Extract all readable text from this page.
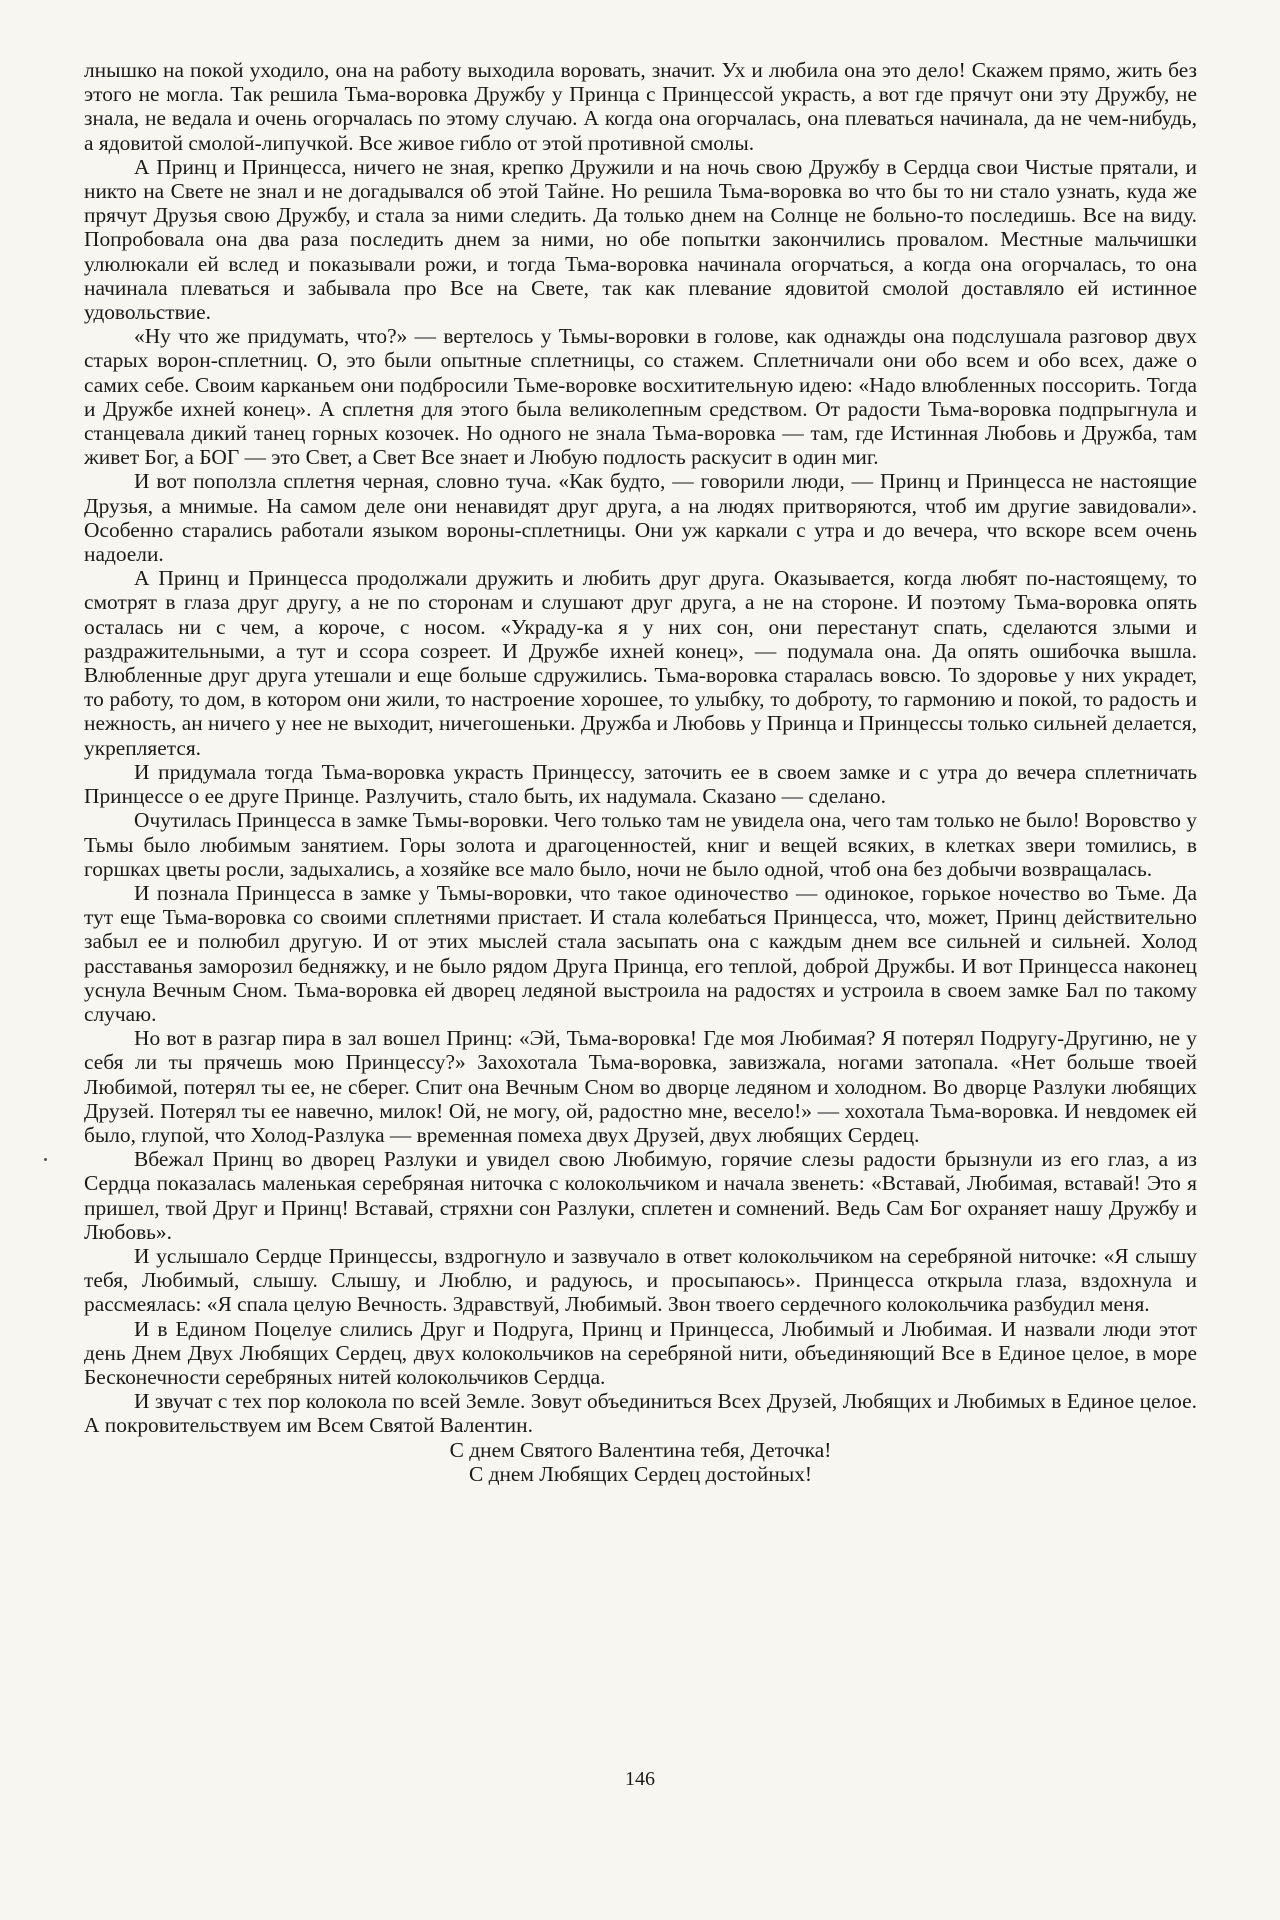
лнышко на покой уходило, она на работу выходила воровать, значит. Ух и любила она это дело! Скажем прямо, жить без этого не могла. Так решила Тьма-воровка Дружбу у Принца с Принцессой украсть, а вот где прячут они эту Дружбу, не знала, не ведала и очень огорчалась по этому случаю. А когда она огорчалась, она плеваться начинала, да не чем-нибудь, а ядовитой смолой-липучкой. Все живое гибло от этой противной смолы.

А Принц и Принцесса, ничего не зная, крепко Дружили и на ночь свою Дружбу в Сердца свои Чистые прятали, и никто на Свете не знал и не догадывался об этой Тайне. Но решила Тьма-воровка во что бы то ни стало узнать, куда же прячут Друзья свою Дружбу, и стала за ними следить. Да только днем на Солнце не больно-то последишь. Все на виду. Попробовала она два раза последить днем за ними, но обе попытки закончились провалом. Местные мальчишки улюлюкали ей вслед и показывали рожи, и тогда Тьма-воровка начинала огорчаться, а когда она огорчалась, то она начинала плеваться и забывала про Все на Свете, так как плевание ядовитой смолой доставляло ей истинное удовольствие.

«Ну что же придумать, что?» — вертелось у Тьмы-воровки в голове, как однажды она подслушала разговор двух старых ворон-сплетниц. О, это были опытные сплетницы, со стажем. Сплетничали они обо всем и обо всех, даже о самих себе. Своим карканьем они подбросили Тьме-воровке восхитительную идею: «Надо влюбленных поссорить. Тогда и Дружбе ихней конец». А сплетня для этого была великолепным средством. От радости Тьма-воровка подпрыгнула и станцевала дикий танец горных козочек. Но одного не знала Тьма-воровка — там, где Истинная Любовь и Дружба, там живет Бог, а БОГ — это Свет, а Свет Все знает и Любую подлость раскусит в один миг.

И вот поползла сплетня черная, словно туча. «Как будто, — говорили люди, — Принц и Принцесса не настоящие Друзья, а мнимые. На самом деле они ненавидят друг друга, а на людях притворяются, чтоб им другие завидовали». Особенно старались работали языком вороны-сплетницы. Они уж каркали с утра и до вечера, что вскоре всем очень надоели.

А Принц и Принцесса продолжали дружить и любить друг друга. Оказывается, когда любят по-настоящему, то смотрят в глаза друг другу, а не по сторонам и слушают друг друга, а не на стороне. И поэтому Тьма-воровка опять осталась ни с чем, а короче, с носом. «Украду-ка я у них сон, они перестанут спать, сделаются злыми и раздражительными, а тут и ссора созреет. И Дружбе ихней конец», — подумала она. Да опять ошибочка вышла. Влюбленные друг друга утешали и еще больше сдружились. Тьма-воровка старалась вовсю. То здоровье у них украдет, то работу, то дом, в котором они жили, то настроение хорошее, то улыбку, то доброту, то гармонию и покой, то радость и нежность, ан ничего у нее не выходит, ничегошеньки. Дружба и Любовь у Принца и Принцессы только сильней делается, укрепляется.

И придумала тогда Тьма-воровка украсть Принцессу, заточить ее в своем замке и с утра до вечера сплетничать Принцессе о ее друге Принце. Разлучить, стало быть, их надумала. Сказано — сделано.

Очутилась Принцесса в замке Тьмы-воровки. Чего только там не увидела она, чего там только не было! Воровство у Тьмы было любимым занятием. Горы золота и драгоценностей, книг и вещей всяких, в клетках звери томились, в горшках цветы росли, задыхались, а хозяйке все мало было, ночи не было одной, чтоб она без добычи возвращалась.

И познала Принцесса в замке у Тьмы-воровки, что такое одиночество — одинокое, горькое ночество во Тьме. Да тут еще Тьма-воровка со своими сплетнями пристает. И стала колебаться Принцесса, что, может, Принц действительно забыл ее и полюбил другую. И от этих мыслей стала засыпать она с каждым днем все сильней и сильней. Холод расставанья заморозил бедняжку, и не было рядом Друга Принца, его теплой, доброй Дружбы. И вот Принцесса наконец уснула Вечным Сном. Тьма-воровка ей дворец ледяной выстроила на радостях и устроила в своем замке Бал по такому случаю.

Но вот в разгар пира в зал вошел Принц: «Эй, Тьма-воровка! Где моя Любимая? Я потерял Подругу-Другиню, не у себя ли ты прячешь мою Принцессу?» Захохотала Тьма-воровка, завизжала, ногами затопала. «Нет больше твоей Любимой, потерял ты ее, не сберег. Спит она Вечным Сном во дворце ледяном и холодном. Во дворце Разлуки любящих Друзей. Потерял ты ее навечно, милок! Ой, не могу, ой, радостно мне, весело!» — хохотала Тьма-воровка. И невдомек ей было, глупой, что Холод-Разлука — временная помеха двух Друзей, двух любящих Сердец.

Вбежал Принц во дворец Разлуки и увидел свою Любимую, горячие слезы радости брызнули из его глаз, а из Сердца показалась маленькая серебряная ниточка с колокольчиком и начала звенеть: «Вставай, Любимая, вставай! Это я пришел, твой Друг и Принц! Вставай, стряхни сон Разлуки, сплетен и сомнений. Ведь Сам Бог охраняет нашу Дружбу и Любовь».

И услышало Сердце Принцессы, вздрогнуло и зазвучало в ответ колокольчиком на серебряной ниточке: «Я слышу тебя, Любимый, слышу. Слышу, и Люблю, и радуюсь, и просыпаюсь». Принцесса открыла глаза, вздохнула и рассмеялась: «Я спала целую Вечность. Здравствуй, Любимый. Звон твоего сердечного колокольчика разбудил меня.

И в Едином Поцелуе слились Друг и Подруга, Принц и Принцесса, Любимый и Любимая. И назвали люди этот день Днем Двух Любящих Сердец, двух колокольчиков на серебряной нити, объединяющий Все в Единое целое, в море Бесконечности серебряных нитей колокольчиков Сердца.

И звучат с тех пор колокола по всей Земле. Зовут объединиться Всех Друзей, Любящих и Любимых в Единое целое. А покровительствуем им Всем Святой Валентин.

С днем Святого Валентина тебя, Деточка!

С днем Любящих Сердец достойных!

146
